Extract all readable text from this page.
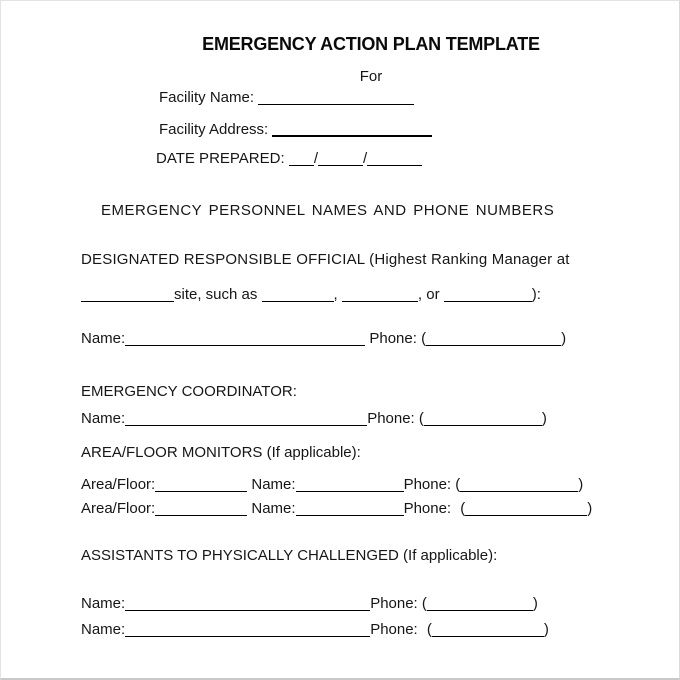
EMERGENCY ACTION PLAN TEMPLATE
For
Facility Name:
Facility Address:
DATE PREPARED: /	/
EMERGENCY PERSONNEL NAMES AND PHONE NUMBERS
DESIGNATED RESPONSIBLE OFFICIAL (Highest Ranking Manager at
site, such as	,	, or	):
Name:	Phone: (	)
EMERGENCY COORDINATOR:
Name:	Phone: (	)
AREA/FLOOR MONITORS (If applicable):
Area/Floor:	Name:	Phone: (	)
Area/Floor:	Name:	Phone: (	)
ASSISTANTS TO PHYSICALLY CHALLENGED (If applicable):
Name:	Phone: (	)
Name:	Phone: (	)
